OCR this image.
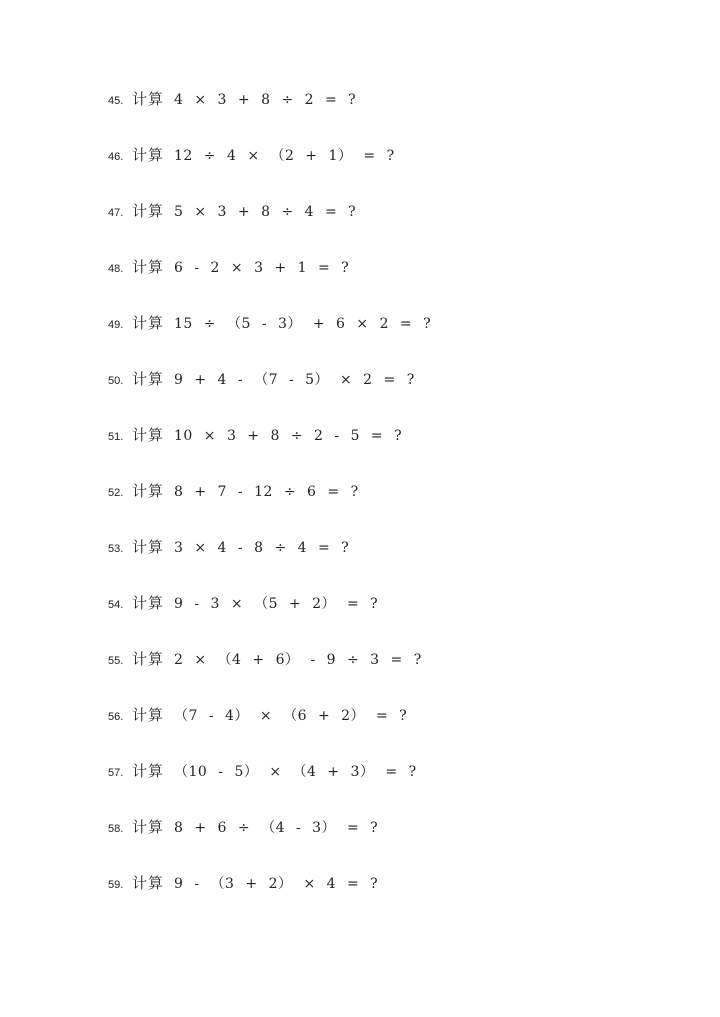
45. 计算 4 × 3 + 8 ÷ 2 = ?
46. 计算 12 ÷ 4 × （2 + 1） = ?
47. 计算 5 × 3 + 8 ÷ 4 = ?
48. 计算 6 - 2 × 3 + 1 = ?
49. 计算 15 ÷ （5 - 3） + 6 × 2 = ?
50. 计算 9 + 4 - （7 - 5） × 2 = ?
51. 计算 10 × 3 + 8 ÷ 2 - 5 = ?
52. 计算 8 + 7 - 12 ÷ 6 = ?
53. 计算 3 × 4 - 8 ÷ 4 = ?
54. 计算 9 - 3 × （5 + 2） = ?
55. 计算 2 × （4 + 6） - 9 ÷ 3 = ?
56. 计算 （7 - 4） × （6 + 2） = ?
57. 计算 （10 - 5） × （4 + 3） = ?
58. 计算 8 + 6 ÷ （4 - 3） = ?
59. 计算 9 - （3 + 2） × 4 = ?
